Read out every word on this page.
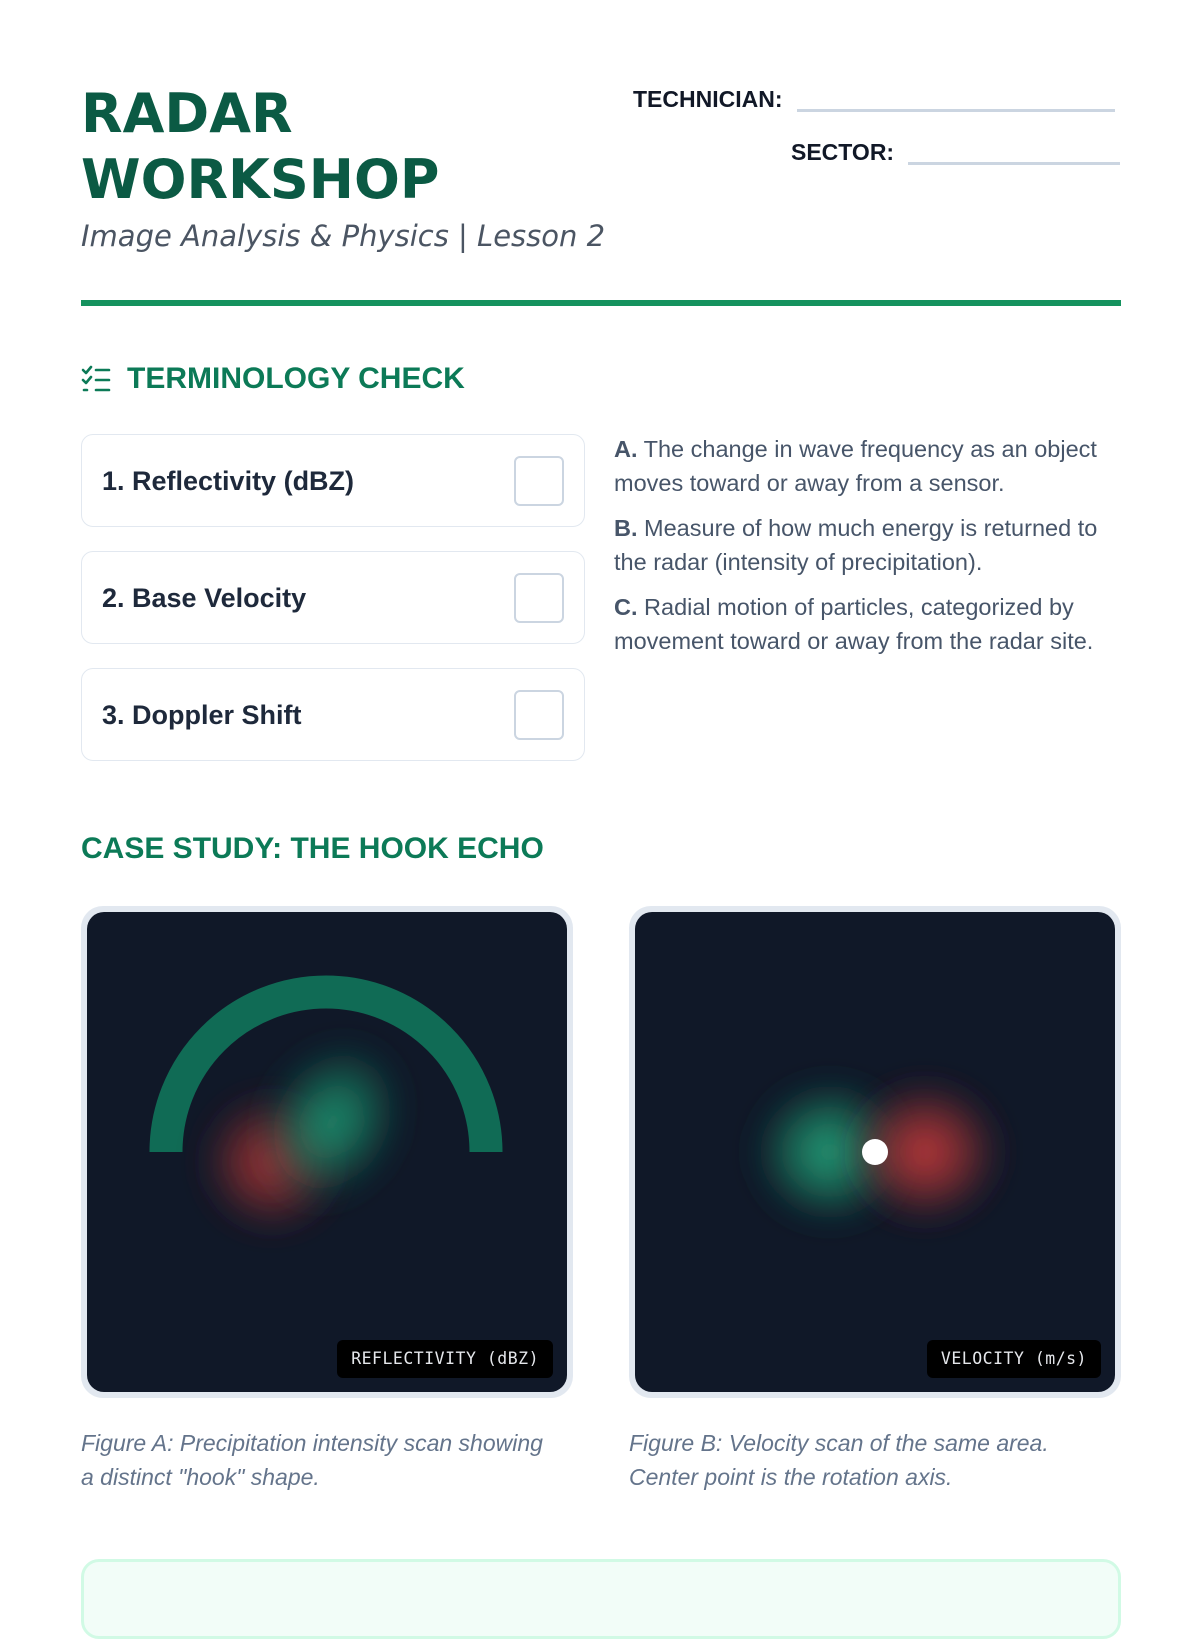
RADAR
WORKSHOP
Image Analysis & Physics | Lesson 2
TECHNICIAN:
SECTOR:
TERMINOLOGY CHECK
1. Reflectivity (dBZ)
2. Base Velocity
3. Doppler Shift

A. The change in wave frequency as an object moves toward or away from a sensor.

B. Measure of how much energy is returned to the radar (intensity of precipitation).

C. Radial motion of particles, categorized by movement toward or away from the radar site.

CASE STUDY: THE HOOK ECHO
REFLECTIVITY (dBZ)	VELOCITY (m/s)
Figure A: Precipitation intensity scan showing a distinct "hook" shape.
Figure B: Velocity scan of the same area. Center point is the rotation axis.
